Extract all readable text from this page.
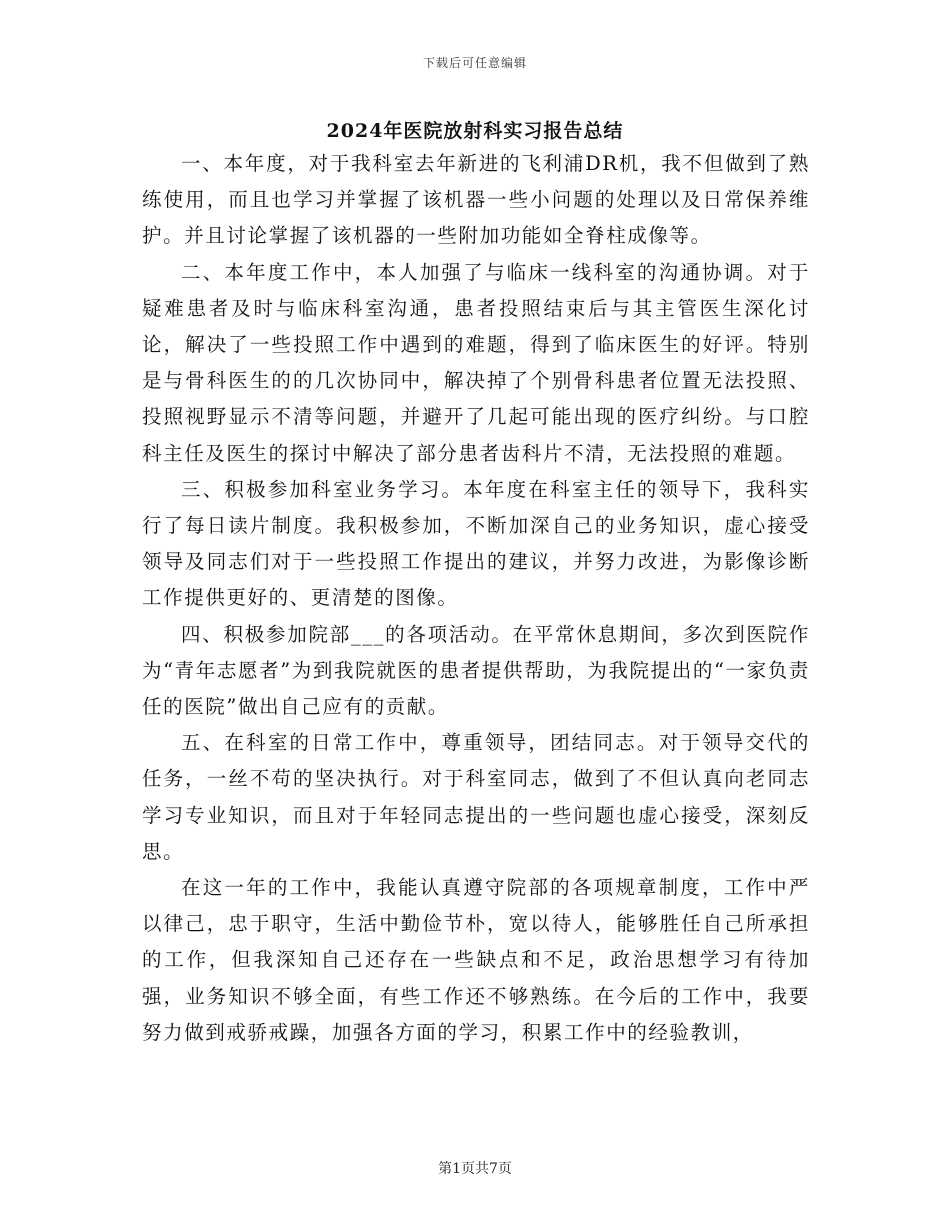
下载后可任意编辑
2024年医院放射科实习报告总结

一、本年度，对于我科室去年新进的飞利浦DR机，我不但做到了熟练使用，而且也学习并掌握了该机器一些小问题的处理以及日常保养维护。并且讨论掌握了该机器的一些附加功能如全脊柱成像等。

二、本年度工作中，本人加强了与临床一线科室的沟通协调。对于疑难患者及时与临床科室沟通，患者投照结束后与其主管医生深化讨论，解决了一些投照工作中遇到的难题，得到了临床医生的好评。特别是与骨科医生的的几次协同中，解决掉了个别骨科患者位置无法投照、投照视野显示不清等问题，并避开了几起可能出现的医疗纠纷。与口腔科主任及医生的探讨中解决了部分患者齿科片不清，无法投照的难题。

三、积极参加科室业务学习。本年度在科室主任的领导下，我科实行了每日读片制度。我积极参加，不断加深自己的业务知识，虚心接受领导及同志们对于一些投照工作提出的建议，并努力改进，为影像诊断工作提供更好的、更清楚的图像。

四、积极参加院部___的各项活动。在平常休息期间，多次到医院作为“青年志愿者”为到我院就医的患者提供帮助，为我院提出的“一家负责任的医院”做出自己应有的贡献。

五、在科室的日常工作中，尊重领导，团结同志。对于领导交代的任务，一丝不苟的坚决执行。对于科室同志，做到了不但认真向老同志学习专业知识，而且对于年轻同志提出的一些问题也虚心接受，深刻反思。

在这一年的工作中，我能认真遵守院部的各项规章制度，工作中严以律己，忠于职守，生活中勤俭节朴，宽以待人，能够胜任自己所承担的工作，但我深知自己还存在一些缺点和不足，政治思想学习有待加强，业务知识不够全面，有些工作还不够熟练。在今后的工作中，我要努力做到戒骄戒躁，加强各方面的学习，积累工作中的经验教训，

第1页共7页
